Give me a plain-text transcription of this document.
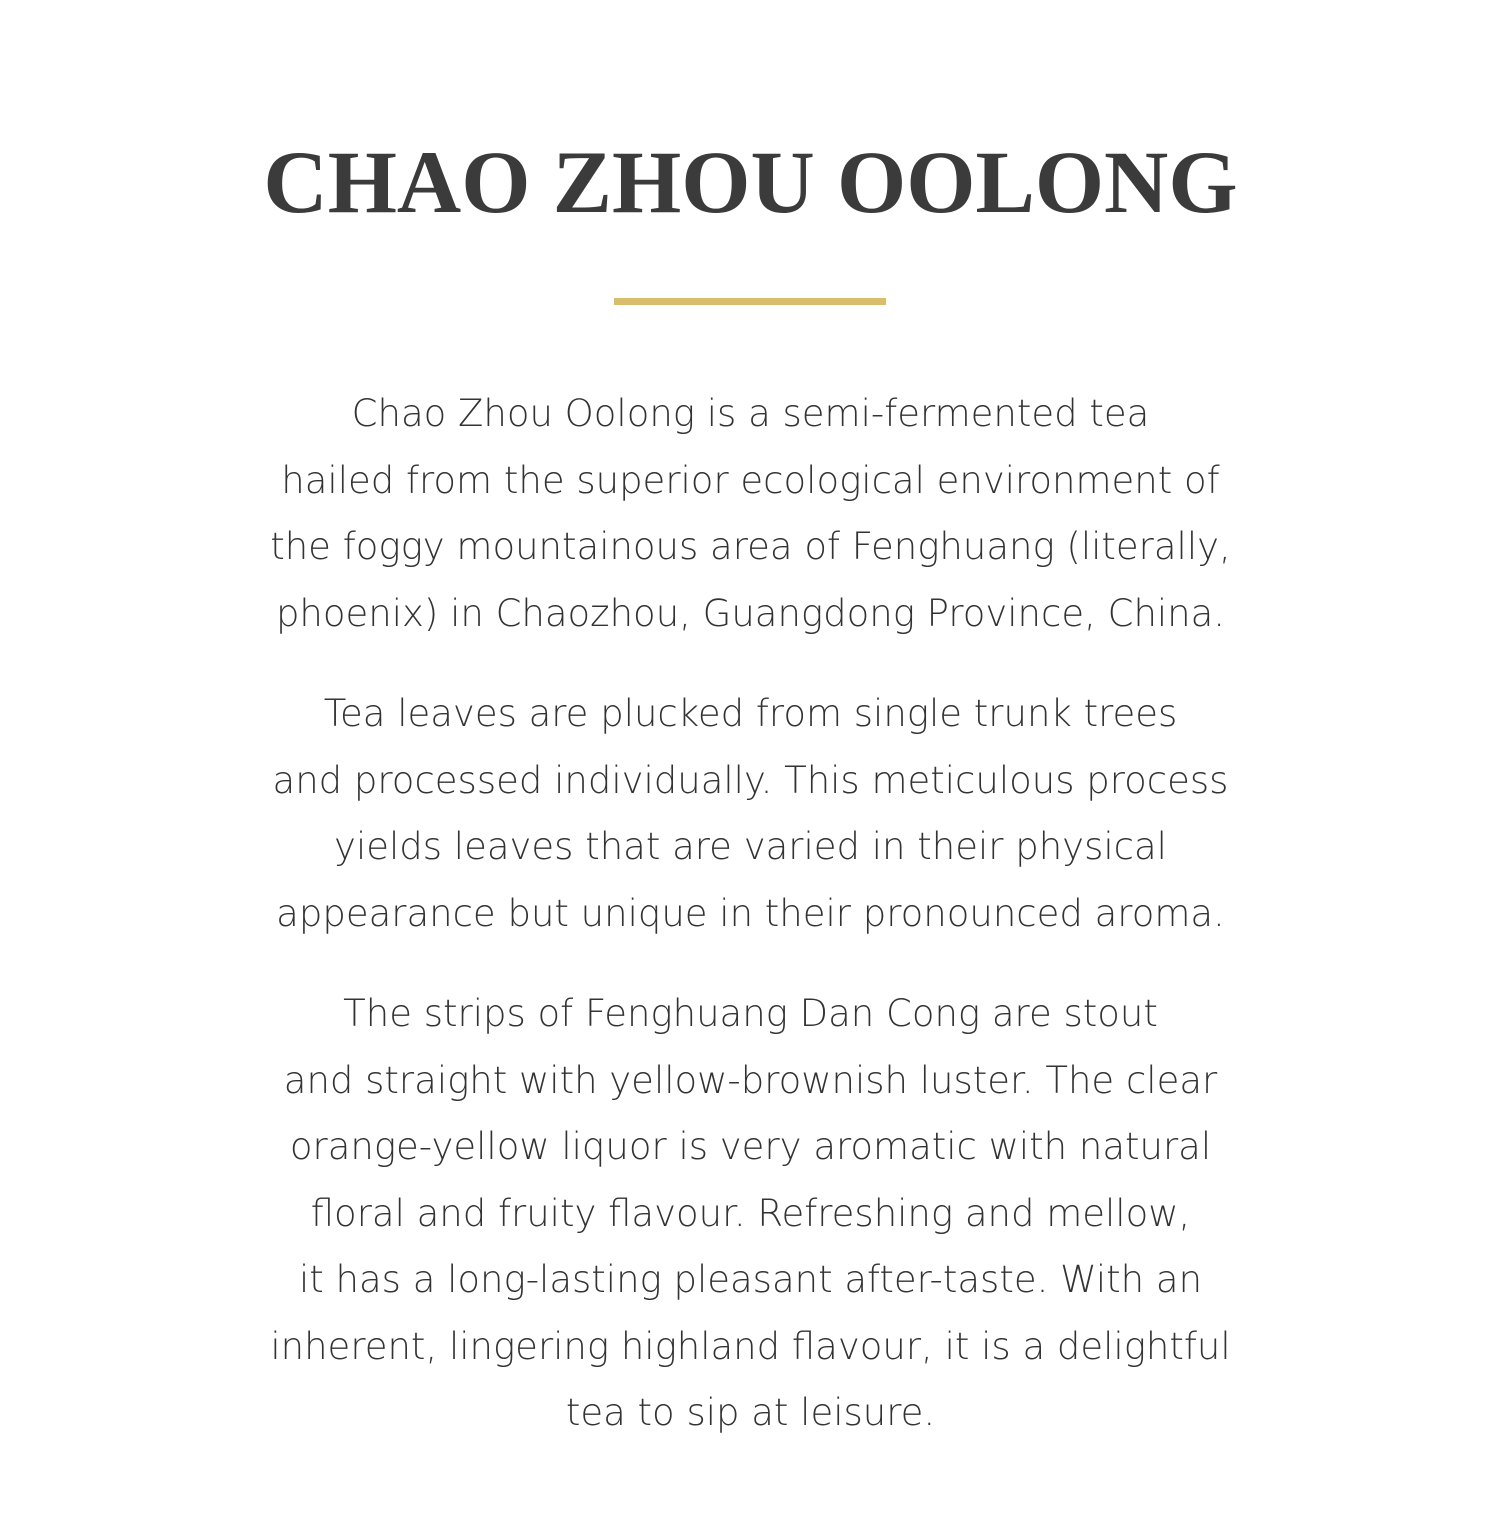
CHAO ZHOU OOLONG

Chao Zhou Oolong is a semi-fermented tea
hailed from the superior ecological environment of
the foggy mountainous area of Fenghuang (literally,
phoenix) in Chaozhou, Guangdong Province, China.

Tea leaves are plucked from single trunk trees
and processed individually. This meticulous process
yields leaves that are varied in their physical
appearance but unique in their pronounced aroma.

The strips of Fenghuang Dan Cong are stout
and straight with yellow-brownish luster. The clear
orange-yellow liquor is very aromatic with natural
floral and fruity flavour. Refreshing and mellow,
it has a long-lasting pleasant after-taste. With an
inherent, lingering highland flavour, it is a delightful
tea to sip at leisure.
